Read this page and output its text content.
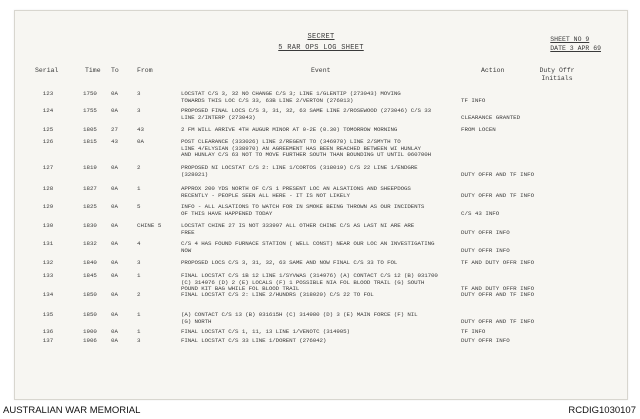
SECRET
5 RAR OPS LOG SHEET
SHEET NO 9
DATE 3 APR 69
Serial	Time To	From	Event	Action	Duty Offr Initials
123	1750	0A	3	LOCSTAT C/S 3, 32 NO CHANGE C/S 3; LINE 1/GLENTIP (273043) MOVING
TOWARDS THIS LOC C/S 33, 63B LINE 2/VERTON (276013)	TF INFO
124	1755	0A	3	PROPOSED FINAL LOCS C/S 3, 31, 32, 63 SAME LINE 2/ROSEWOOD (273046) C/S 33
LINE 2/INTERP (273043)	CLEARANCE GRANTED
125	1805	27	43	2 FM WILL ARRIVE 4TH AUGUR MINOR AT 0-2E (0.30) TOMORROW MORNING	FROM LOCEN
126	1815	43	0A	POST CLEARANCE (333026) LINE 2/REGENT TO (346970) LINE 2/SMYTH TO
LINE 4/ELYSIAN (338970) AN AGREEMENT HAS BEEN REACHED BETWEEN WI HUNLAY
AND HUNLAY C/S 63 NOT TO MOVE FURTHER SOUTH THAN BOUNDING UT UNTIL 060700H
127	1819	0A	2	PROPOSED NI LOCSTAT C/S 2: LINE 1/CORTOS (318019) C/S 22 LINE 1/ENDGRE
(328021)	DUTY OFFR AND TF INFO
128	1827	0A	1	APPROX 200 YDS NORTH OF C/S 1 PRESENT LOC AN ALSATIONS AND SHEEPDOGS
RECENTLY - PEOPLE SEEN ALL HERE - IT IS NOT LIKELY	DUTY OFFR AND TF INFO
129	1825	0A	5	INFO - ALL ALSATIONS TO WATCH FOR IN SMOKE BEING THROWN AS OUR INCIDENTS
OF THIS HAVE HAPPENED TODAY	C/S 43 INFO
130	1830	0A	CHINE 5	LOCSTAT CHINE 27 IS NOT 333997 ALL OTHER CHINE C/S AS LAST NI ARE ARE
FREE	DUTY OFFR INFO
131	1832	0A	4	C/S 4 HAS FOUND FURNACE STATION ( WELL CONST) NEAR OUR LOC AN INVESTIGATING
NOW	DUTY OFFR INFO
132	1840	0A	3	PROPOSED LOCS C/S 3, 31, 32, 63 SAME AND NOW FINAL C/S 33 TO FOL	TF AND DUTY OFFR INFO
133	1845	0A	1	FINAL LOCSTAT C/S 1B 12 LINE 1/SYVWAS (314976) (A) CONTACT C/S 12 (B) 031700
(C) 314976 (D) 2 (E) LOCALS (F) 1 POSSIBLE NIA FOL BLOOD TRAIL (G) SOUTH
POUND KIT BAG WHILE FOL BLOOD TRAIL	TF AND DUTY OFFR INFO
134	1850	0A	2	FINAL LOCSTAT C/S 2: LINE 2/HUNDRS (318020) C/S 22 TO FOL	DUTY OFFR AND TF INFO
135	1850	0A	1	(A) CONTACT C/S 13 (B) 031615H (C) 314980 (D) 3 (E) MAIN FORCE (F) NIL
(G) NORTH	DUTY OFFR AND TF INFO
136	1900	0A	1	FINAL LOCSTAT C/S 1, 11, 13 LINE 1/VENOTC (314905)	TF INFO
137	1906	0A	3	FINAL LOCSTAT C/S 33 LINE 1/DORENT (276042)	DUTY OFFR INFO
AUSTRALIAN WAR MEMORIAL	RCDIG1030107
